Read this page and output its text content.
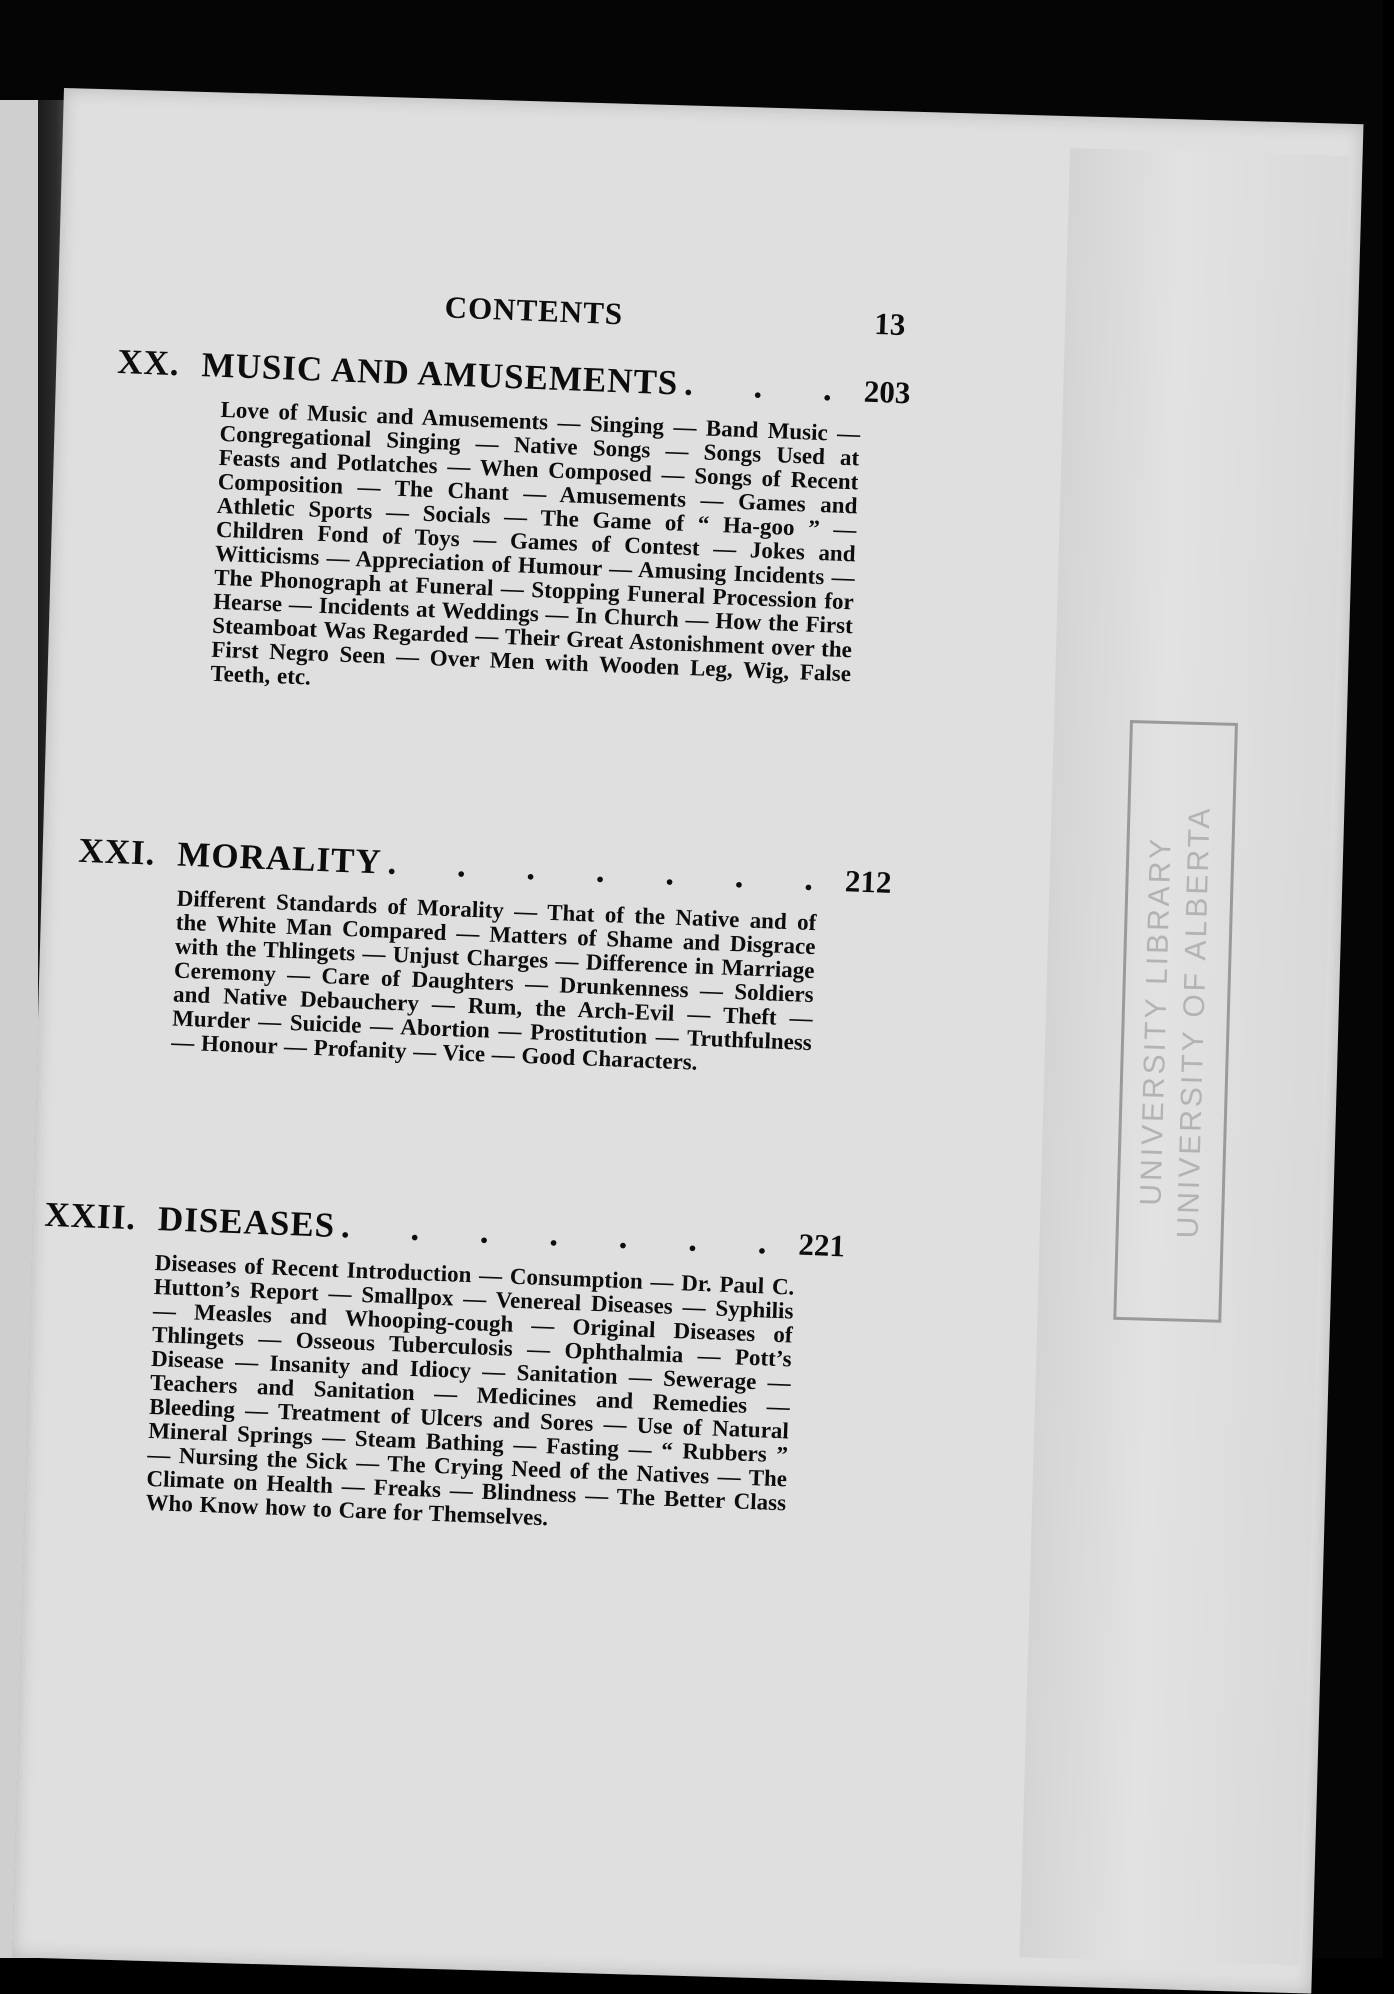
UNIVERSITY LIBRARY
UNIVERSITY OF ALBERTA
CONTENTS	13
XX. MUSIC AND AMUSEMENTS . . . 203

Love of Music and Amusements — Singing — Band Music — Congregational Singing — Native Songs — Songs Used at Feasts and Potlatches — When Composed — Songs of Recent Composition — The Chant — Amusements — Games and Athletic Sports — Socials — The Game of “ Ha-goo ” — Children Fond of Toys — Games of Contest — Jokes and Witticisms — Appreciation of Humour — Amusing Incidents — The Phonograph at Funeral — Stopping Funeral Procession for Hearse — Incidents at Weddings — In Church — How the First Steamboat Was Regarded — Their Great Astonishment over the First Negro Seen — Over Men with Wooden Leg, Wig, False Teeth, etc.

XXI. MORALITY . . . . . . . 212

Different Standards of Morality — That of the Native and of the White Man Compared — Matters of Shame and Disgrace with the Thlingets — Unjust Charges — Difference in Marriage Ceremony — Care of Daughters — Drunkenness — Soldiers and Native Debauchery — Rum, the Arch-Evil — Theft — Murder — Suicide — Abortion — Prostitution — Truthfulness — Honour — Profanity — Vice — Good Characters.

XXII. DISEASES . . . . . . . 221

Diseases of Recent Introduction — Consumption — Dr. Paul C. Hutton’s Report — Smallpox — Venereal Diseases — Syphilis — Measles and Whooping-cough — Original Diseases of Thlingets — Osseous Tuberculosis — Ophthalmia — Pott’s Disease — Insanity and Idiocy — Sanitation — Sewerage — Teachers and Sanitation — Medicines and Remedies — Bleeding — Treatment of Ulcers and Sores — Use of Natural Mineral Springs — Steam Bathing — Fasting — “ Rubbers ” — Nursing the Sick — The Crying Need of the Natives — The Climate on Health — Freaks — Blindness — The Better Class Who Know how to Care for Themselves.
